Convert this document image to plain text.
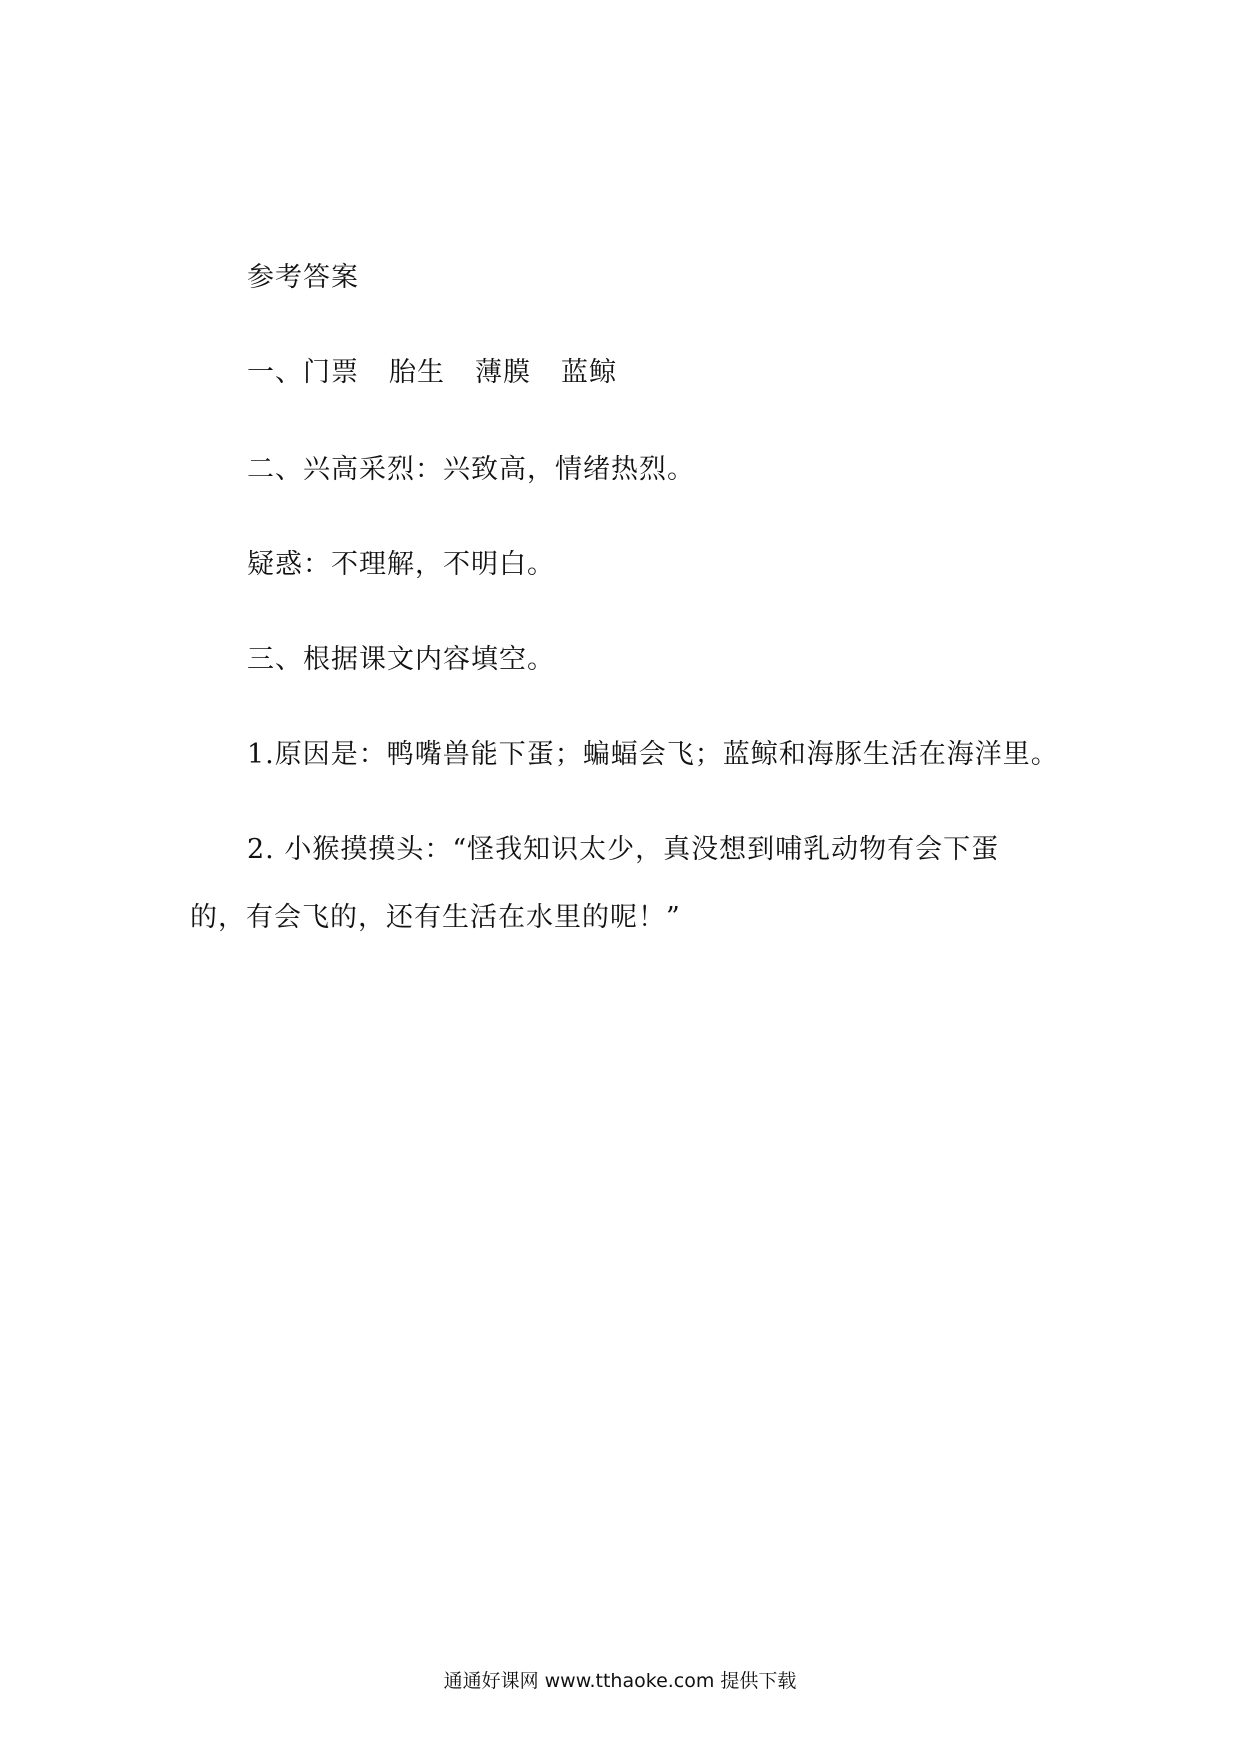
参考答案
一、门票 胎生 薄膜 蓝鲸
二、兴高采烈：兴致高，情绪热烈。
疑惑：不理解，不明白。
三、根据课文内容填空。
1.原因是：鸭嘴兽能下蛋；蝙蝠会飞；蓝鲸和海豚生活在海洋里。
2. 小猴摸摸头：“怪我知识太少，真没想到哺乳动物有会下蛋
的，有会飞的，还有生活在水里的呢！”
通通好课网 www.tthaoke.com 提供下载
